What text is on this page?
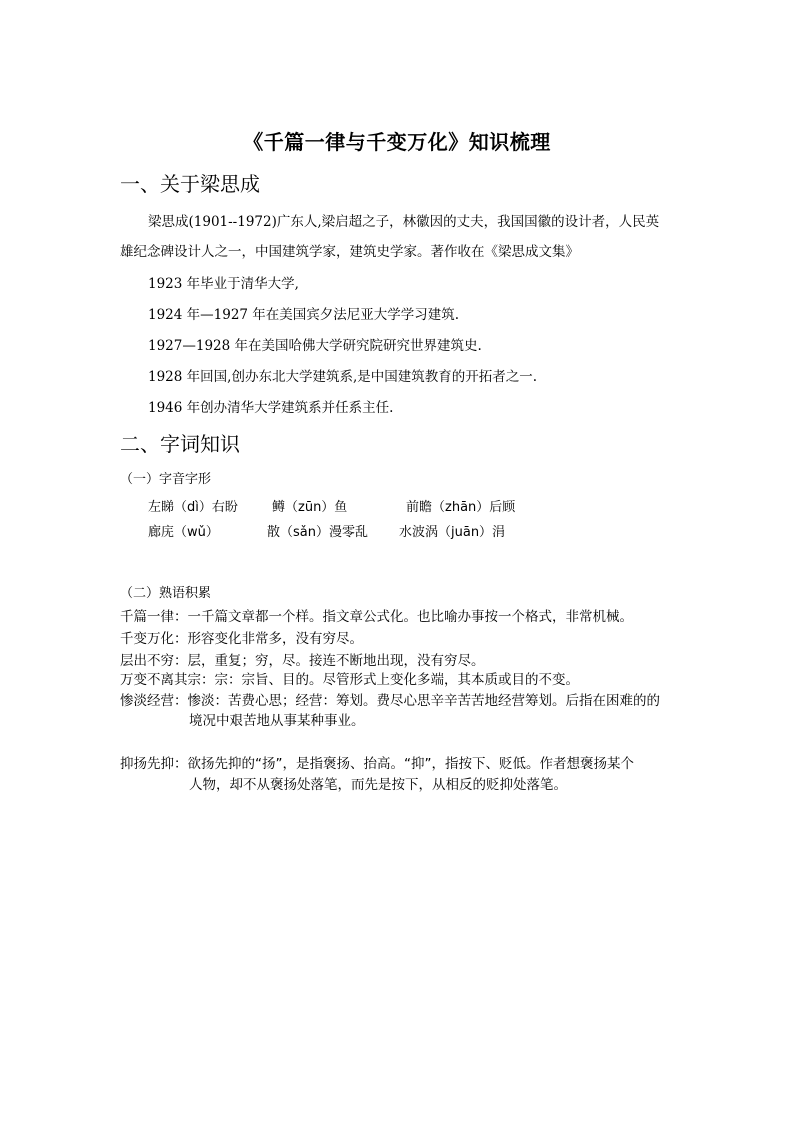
《千篇一律与千变万化》知识梳理
一、关于梁思成
梁思成(1901--1972)广东人,梁启超之子，林徽因的丈夫，我国国徽的设计者，人民英
雄纪念碑设计人之一，中国建筑学家，建筑史学家。著作收在《梁思成文集》
1923 年毕业于清华大学,
1924 年—1927 年在美国宾夕法尼亚大学学习建筑.
1927—1928 年在美国哈佛大学研究院研究世界建筑史.
1928 年回国,创办东北大学建筑系,是中国建筑教育的开拓者之一.
1946 年创办清华大学建筑系并任系主任.
二、字词知识
（一）字音字形
左睇（dì）右盼	鳟（zūn）鱼	前瞻（zhān）后顾
廊庑（wǔ）	散（sǎn）漫零乱 水波涡（juān）涓
（二）熟语积累
千篇一律：一千篇文章都一个样。指文章公式化。也比喻办事按一个格式，非常机械。
千变万化：形容变化非常多，没有穷尽。
层出不穷：层，重复；穷，尽。接连不断地出现，没有穷尽。
万变不离其宗：宗：宗旨、目的。尽管形式上变化多端，其本质或目的不变。
惨淡经营：惨淡：苦费心思；经营：筹划。费尽心思辛辛苦苦地经营筹划。后指在困难的的
境况中艰苦地从事某种事业。
抑扬先抑：欲扬先抑的“扬”，是指褒扬、抬高。“抑”，指按下、贬低。作者想褒扬某个
人物，却不从褒扬处落笔，而先是按下，从相反的贬抑处落笔。
